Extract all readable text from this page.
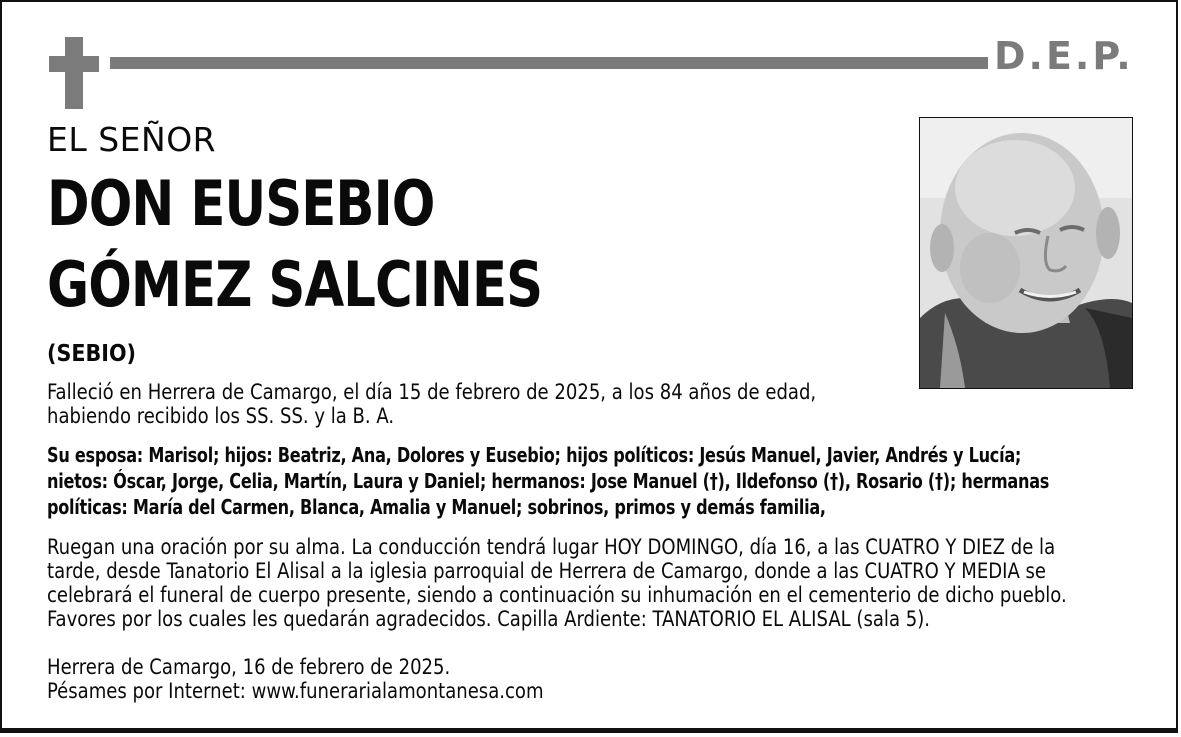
D.E.P.
EL SEÑOR
DON EUSEBIO
GÓMEZ SALCINES
(SEBIO)
Falleció en Herrera de Camargo, el día 15 de febrero de 2025, a los 84 años de edad,
habiendo recibido los SS. SS. y la B. A.
Su esposa: Marisol; hijos: Beatriz, Ana, Dolores y Eusebio; hijos políticos: Jesús Manuel, Javier, Andrés y Lucía;
nietos: Óscar, Jorge, Celia, Martín, Laura y Daniel; hermanos: Jose Manuel (†), Ildefonso (†), Rosario (†); hermanas
políticas: María del Carmen, Blanca, Amalia y Manuel; sobrinos, primos y demás familia,
Ruegan una oración por su alma. La conducción tendrá lugar HOY DOMINGO, día 16, a las CUATRO Y DIEZ de la
tarde, desde Tanatorio El Alisal a la iglesia parroquial de Herrera de Camargo, donde a las CUATRO Y MEDIA se
celebrará el funeral de cuerpo presente, siendo a continuación su inhumación en el cementerio de dicho pueblo.
Favores por los cuales les quedarán agradecidos. Capilla Ardiente: TANATORIO EL ALISAL (sala 5).
Herrera de Camargo, 16 de febrero de 2025.
Pésames por Internet: www.funerarialamontanesa.com
